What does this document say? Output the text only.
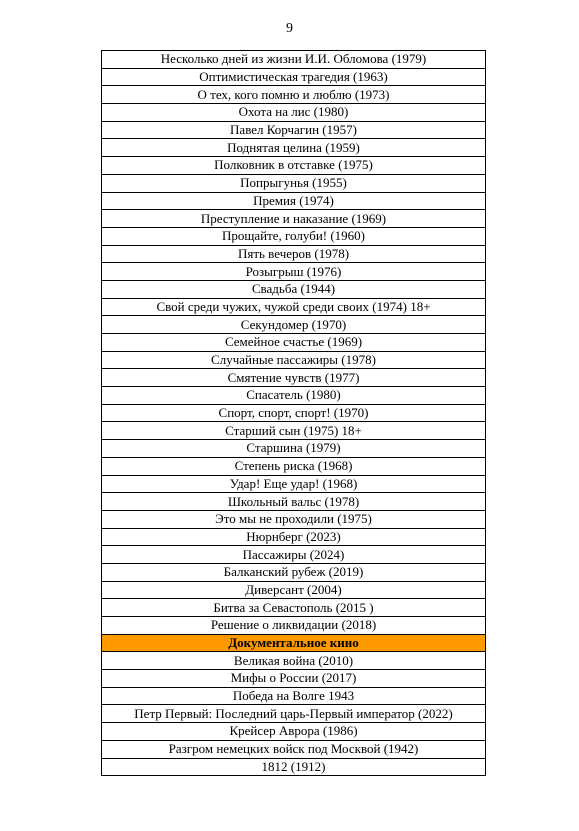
9
Несколько дней из жизни И.И. Обломова (1979)
Оптимистическая трагедия (1963)
О тех, кого помню и люблю (1973)
Охота на лис (1980)
Павел Корчагин (1957)
Поднятая целина (1959)
Полковник в отставке (1975)
Попрыгунья (1955)
Премия (1974)
Преступление и наказание (1969)
Прощайте, голуби! (1960)
Пять вечеров (1978)
Розыгрыш (1976)
Свадьба (1944)
Свой среди чужих, чужой среди своих (1974) 18+
Секундомер (1970)
Семейное счастье (1969)
Случайные пассажиры (1978)
Смятение чувств (1977)
Спасатель (1980)
Спорт, спорт, спорт! (1970)
Старший сын (1975) 18+
Старшина (1979)
Степень риска (1968)
Удар! Еще удар! (1968)
Школьный вальс (1978)
Это мы не проходили (1975)
Нюрнберг (2023)
Пассажиры (2024)
Балканский рубеж (2019)
Диверсант (2004)
Битва за Севастополь (2015 )
Решение о ликвидации (2018)
Документальное кино
Великая война (2010)
Мифы о России (2017)
Победа на Волге 1943
Петр Первый: Последний царь-Первый император (2022)
Крейсер Аврора (1986)
Разгром немецких войск под Москвой (1942)
1812 (1912)
